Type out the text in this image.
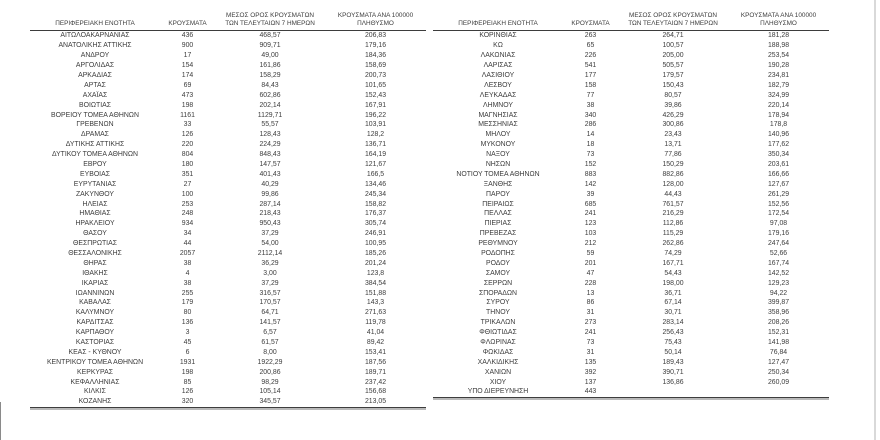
ΠΕΡΙΦΕΡΕΙΑΚΗ ΕΝΟΤΗΤΑ	ΚΡΟΥΣΜΑΤΑ
ΜΕΣΟΣ ΟΡΟΣ ΚΡΟΥΣΜΑΤΩΝ
ΤΩΝ ΤΕΛΕΥΤΑΙΩΝ 7 ΗΜΕΡΩΝ
ΚΡΟΥΣΜΑΤΑ ΑΝΑ 100000
ΠΛΗΘΥΣΜΟ
ΑΙΤΩΛΟΑΚΑΡΝΑΝΙΑΣ	436	468,57	206,83
ΑΝΑΤΟΛΙΚΗΣ ΑΤΤΙΚΗΣ	900	909,71	179,16
ΑΝΔΡΟΥ	17	49,00	184,36
ΑΡΓΟΛΙΔΑΣ	154	161,86	158,69
ΑΡΚΑΔΙΑΣ	174	158,29	200,73
ΑΡΤΑΣ	69	84,43	101,65
ΑΧΑΪΑΣ	473	602,86	152,43
ΒΟΙΩΤΙΑΣ	198	202,14	167,91
ΒΟΡΕΙΟΥ ΤΟΜΕΑ ΑΘΗΝΩΝ	1161	1129,71	196,22
ΓΡΕΒΕΝΩΝ	33	55,57	103,91
ΔΡΑΜΑΣ	126	128,43	128,2
ΔΥΤΙΚΗΣ ΑΤΤΙΚΗΣ	220	224,29	136,71
ΔΥΤΙΚΟΥ ΤΟΜΕΑ ΑΘΗΝΩΝ	804	848,43	164,19
ΕΒΡΟΥ	180	147,57	121,67
ΕΥΒΟΙΑΣ	351	401,43	166,5
ΕΥΡΥΤΑΝΙΑΣ	27	40,29	134,46
ΖΑΚΥΝΘΟΥ	100	99,86	245,34
ΗΛΕΙΑΣ	253	287,14	158,82
ΗΜΑΘΙΑΣ	248	218,43	176,37
ΗΡΑΚΛΕΙΟΥ	934	950,43	305,74
ΘΑΣΟΥ	34	37,29	246,91
ΘΕΣΠΡΩΤΙΑΣ	44	54,00	100,95
ΘΕΣΣΑΛΟΝΙΚΗΣ	2057	2112,14	185,26
ΘΗΡΑΣ	38	36,29	201,24
ΙΘΑΚΗΣ	4	3,00	123,8
ΙΚΑΡΙΑΣ	38	37,29	384,54
ΙΩΑΝΝΙΝΩΝ	255	316,57	151,88
ΚΑΒΑΛΑΣ	179	170,57	143,3
ΚΑΛΥΜΝΟΥ	80	64,71	271,63
ΚΑΡΔΙΤΣΑΣ	136	141,57	119,78
ΚΑΡΠΑΘΟΥ	3	6,57	41,04
ΚΑΣΤΟΡΙΑΣ	45	61,57	89,42
ΚΕΑΣ - ΚΥΘΝΟΥ	6	8,00	153,41
ΚΕΝΤΡΙΚΟΥ ΤΟΜΕΑ ΑΘΗΝΩΝ	1931	1922,29	187,56
ΚΕΡΚΥΡΑΣ	198	200,86	189,71
ΚΕΦΑΛΛΗΝΙΑΣ	85	98,29	237,42
ΚΙΛΚΙΣ	126	105,14	156,68
ΚΟΖΑΝΗΣ	320	345,57	213,05
ΠΕΡΙΦΕΡΕΙΑΚΗ ΕΝΟΤΗΤΑ	ΚΡΟΥΣΜΑΤΑ
ΜΕΣΟΣ ΟΡΟΣ ΚΡΟΥΣΜΑΤΩΝ
ΤΩΝ ΤΕΛΕΥΤΑΙΩΝ 7 ΗΜΕΡΩΝ
ΚΡΟΥΣΜΑΤΑ ΑΝΑ 100000
ΠΛΗΘΥΣΜΟ
ΚΟΡΙΝΘΙΑΣ	263	264,71	181,28
ΚΩ	65	100,57	188,98
ΛΑΚΩΝΙΑΣ	226	205,00	253,54
ΛΑΡΙΣΑΣ	541	505,57	190,28
ΛΑΣΙΘΙΟΥ	177	179,57	234,81
ΛΕΣΒΟΥ	158	150,43	182,79
ΛΕΥΚΑΔΑΣ	77	80,57	324,99
ΛΗΜΝΟΥ	38	39,86	220,14
ΜΑΓΝΗΣΙΑΣ	340	426,29	178,94
ΜΕΣΣΗΝΙΑΣ	286	300,86	178,8
ΜΗΛΟΥ	14	23,43	140,96
ΜΥΚΟΝΟΥ	18	13,71	177,62
ΝΑΞΟΥ	73	77,86	350,34
ΝΗΣΩΝ	152	150,29	203,61
ΝΟΤΙΟΥ ΤΟΜΕΑ ΑΘΗΝΩΝ	883	882,86	166,66
ΞΑΝΘΗΣ	142	128,00	127,67
ΠΑΡΟΥ	39	44,43	261,29
ΠΕΙΡΑΙΩΣ	685	761,57	152,56
ΠΕΛΛΑΣ	241	216,29	172,54
ΠΙΕΡΙΑΣ	123	112,86	97,08
ΠΡΕΒΕΖΑΣ	103	115,29	179,16
ΡΕΘΥΜΝΟΥ	212	262,86	247,64
ΡΟΔΟΠΗΣ	59	74,29	52,66
ΡΟΔΟΥ	201	167,71	167,74
ΣΑΜΟΥ	47	54,43	142,52
ΣΕΡΡΩΝ	228	198,00	129,23
ΣΠΟΡΑΔΩΝ	13	36,71	94,22
ΣΥΡΟΥ	86	67,14	399,87
ΤΗΝΟΥ	31	30,71	358,96
ΤΡΙΚΑΛΩΝ	273	283,14	208,26
ΦΘΙΩΤΙΔΑΣ	241	256,43	152,31
ΦΛΩΡΙΝΑΣ	73	75,43	141,98
ΦΩΚΙΔΑΣ	31	50,14	76,84
ΧΑΛΚΙΔΙΚΗΣ	135	189,43	127,47
ΧΑΝΙΩΝ	392	390,71	250,34
ΧΙΟΥ	137	136,86	260,09
ΥΠΟ ΔΙΕΡΕΥΝΗΣΗ	443
